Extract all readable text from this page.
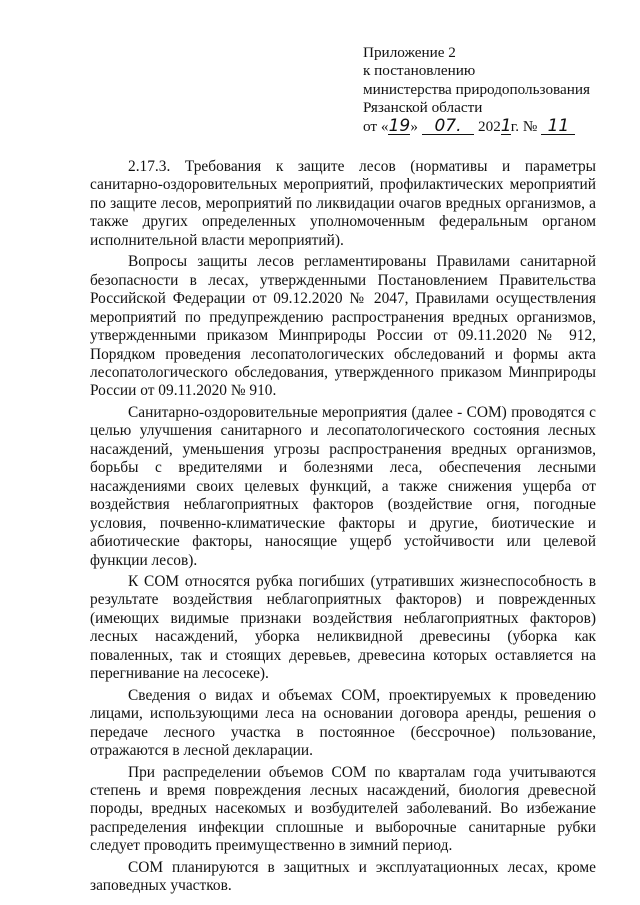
Приложение 2
к постановлению
министерства природопользования
Рязанской области
от «19» 07. 2021г. № 11

2.17.3. Требования к защите лесов (нормативы и параметры санитарно-оздоровительных мероприятий, профилактических мероприятий по защите лесов, мероприятий по ликвидации очагов вредных организмов, а также других определенных уполномоченным федеральным органом исполнительной власти мероприятий).

Вопросы защиты лесов регламентированы Правилами санитарной безопасности в лесах, утвержденными Постановлением Правительства Российской Федерации от 09.12.2020 № 2047, Правилами осуществления мероприятий по предупреждению распространения вредных организмов, утвержденными приказом Минприроды России от 09.11.2020 № 912, Порядком проведения лесопатологических обследований и формы акта лесопатологического обследования, утвержденного приказом Минприроды России от 09.11.2020 № 910.

Санитарно-оздоровительные мероприятия (далее - СОМ) проводятся с целью улучшения санитарного и лесопатологического состояния лесных насаждений, уменьшения угрозы распространения вредных организмов, борьбы с вредителями и болезнями леса, обеспечения лесными насаждениями своих целевых функций, а также снижения ущерба от воздействия неблагоприятных факторов (воздействие огня, погодные условия, почвенно-климатические факторы и другие, биотические и абиотические факторы, наносящие ущерб устойчивости или целевой функции лесов).

К СОМ относятся рубка погибших (утративших жизнеспособность в результате воздействия неблагоприятных факторов) и поврежденных (имеющих видимые признаки воздействия неблагоприятных факторов) лесных насаждений, уборка неликвидной древесины (уборка как поваленных, так и стоящих деревьев, древесина которых оставляется на перегнивание на лесосеке).

Сведения о видах и объемах СОМ, проектируемых к проведению лицами, использующими леса на основании договора аренды, решения о передаче лесного участка в постоянное (бессрочное) пользование, отражаются в лесной декларации.

При распределении объемов СОМ по кварталам года учитываются степень и время повреждения лесных насаждений, биология древесной породы, вредных насекомых и возбудителей заболеваний. Во избежание распределения инфекции сплошные и выборочные санитарные рубки следует проводить преимущественно в зимний период.

СОМ планируются в защитных и эксплуатационных лесах, кроме заповедных участков.
